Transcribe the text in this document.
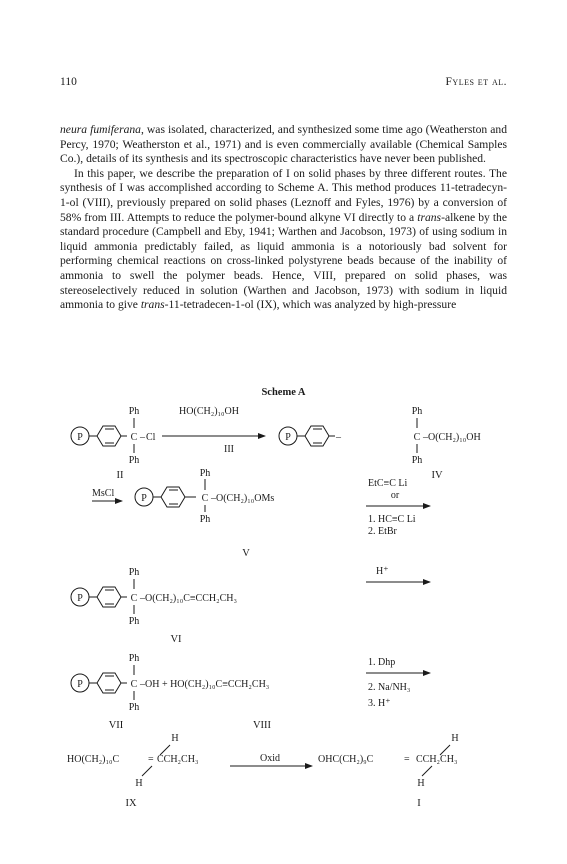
110	Fyles et al.

neura fumiferana, was isolated, characterized, and synthesized some time ago (Weatherston and Percy, 1970; Weatherston et al., 1971) and is even commercially available (Chemical Samples Co.), details of its synthesis and its spectroscopic characteristics have never been published.

In this paper, we describe the preparation of I on solid phases by three different routes. The synthesis of I was accomplished according to Scheme A. This method produces 11-tetradecyn-1-ol (VIII), previously prepared on solid phases (Leznoff and Fyles, 1976) by a conversion of 58% from III. Attempts to reduce the polymer-bound alkyne VI directly to a trans-alkene by the standard procedure (Campbell and Eby, 1941; Warthen and Jacobson, 1973) of using sodium in liquid ammonia predictably failed, as liquid ammonia is a notoriously bad solvent for performing chemical reactions on cross-linked polystyrene beads because of the inability of ammonia to swell the polymer beads. Hence, VIII, prepared on solid phases, was stereoselectively reduced in solution (Warthen and Jacobson, 1973) with sodium in liquid ammonia to give trans-11-tetradecen-1-ol (IX), which was analyzed by high-pressure

Scheme A
P
Ph
C – Cl
Ph
II
HO(CH₂)₁₀OH
III
P
Ph
–	C –O(CH₂)₁₀OH
Ph
IV
MsCl	P
Ph
C –O(CH₂)₁₀OMs
Ph
V
EtC≡C Li
or
1. HC≡C Li
2. EtBr
P
Ph
C –O(CH₂)₁₀C≡CCH₂CH₃
Ph
VI
H⁺
P
Ph
C –OH + HO(CH₂)₁₀C≡CCH₂CH₃
Ph
VII	VIII
1. Dhp
2. Na/NH₃
3. H⁺
H
HO(CH₂)₁₀C	= CCH₂CH₃
H
IX
Oxid
H
OHC(CH₂)₉C	= CCH₂CH₃
H
I
